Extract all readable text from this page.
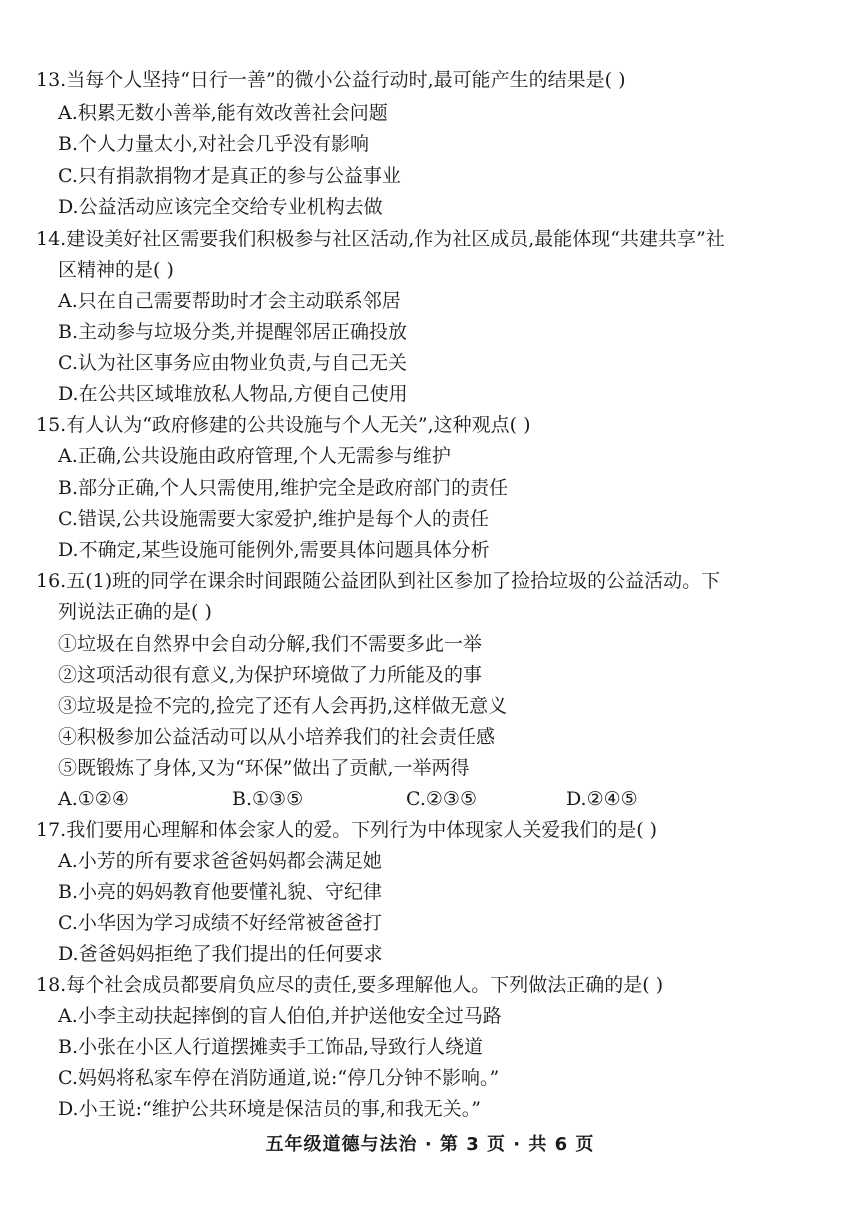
13.当每个人坚持“日行一善”的微小公益行动时,最可能产生的结果是( )
A.积累无数小善举,能有效改善社会问题
B.个人力量太小,对社会几乎没有影响
C.只有捐款捐物才是真正的参与公益事业
D.公益活动应该完全交给专业机构去做
14.建设美好社区需要我们积极参与社区活动,作为社区成员,最能体现“共建共享”社
区精神的是( )
A.只在自己需要帮助时才会主动联系邻居
B.主动参与垃圾分类,并提醒邻居正确投放
C.认为社区事务应由物业负责,与自己无关
D.在公共区域堆放私人物品,方便自己使用
15.有人认为“政府修建的公共设施与个人无关”,这种观点( )
A.正确,公共设施由政府管理,个人无需参与维护
B.部分正确,个人只需使用,维护完全是政府部门的责任
C.错误,公共设施需要大家爱护,维护是每个人的责任
D.不确定,某些设施可能例外,需要具体问题具体分析
16.五(1)班的同学在课余时间跟随公益团队到社区参加了捡拾垃圾的公益活动。下
列说法正确的是( )
①垃圾在自然界中会自动分解,我们不需要多此一举
②这项活动很有意义,为保护环境做了力所能及的事
③垃圾是捡不完的,捡完了还有人会再扔,这样做无意义
④积极参加公益活动可以从小培养我们的社会责任感
⑤既锻炼了身体,又为“环保”做出了贡献,一举两得
A.①②④	B.①③⑤	C.②③⑤	D.②④⑤
17.我们要用心理解和体会家人的爱。下列行为中体现家人关爱我们的是( )
A.小芳的所有要求爸爸妈妈都会满足她
B.小亮的妈妈教育他要懂礼貌、守纪律
C.小华因为学习成绩不好经常被爸爸打
D.爸爸妈妈拒绝了我们提出的任何要求
18.每个社会成员都要肩负应尽的责任,要多理解他人。下列做法正确的是( )
A.小李主动扶起摔倒的盲人伯伯,并护送他安全过马路
B.小张在小区人行道摆摊卖手工饰品,导致行人绕道
C.妈妈将私家车停在消防通道,说:“停几分钟不影响。”
D.小王说:“维护公共环境是保洁员的事,和我无关。”
五年级道德与法治 · 第 3 页 · 共 6 页
